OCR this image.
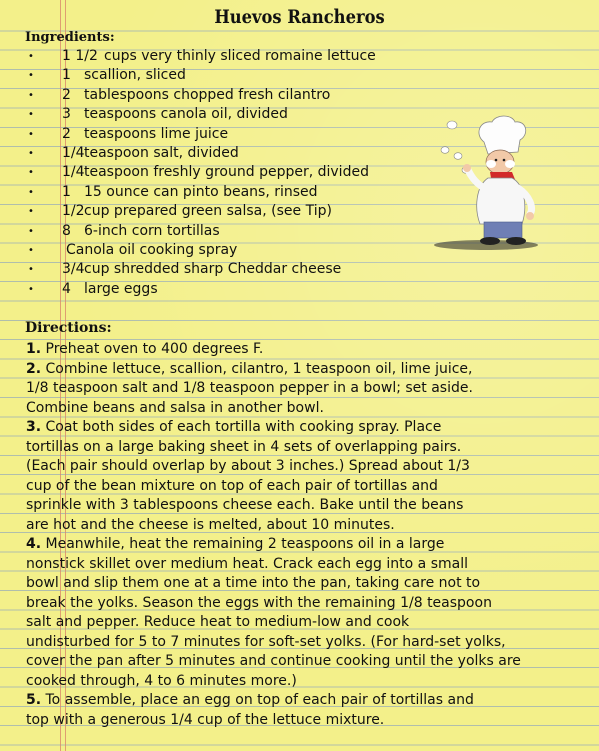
Huevos Rancheros
Ingredients:
• 1 1/2 cups very thinly sliced romaine lettuce
• 1 scallion, sliced
• 2 tablespoons chopped fresh cilantro
• 3 teaspoons canola oil, divided
• 2 teaspoons lime juice
• 1/4 teaspoon salt, divided
• 1/4 teaspoon freshly ground pepper, divided
• 1 15 ounce can pinto beans, rinsed
• 1/2 cup prepared green salsa, (see Tip)
• 8 6-inch corn tortillas
• Canola oil cooking spray
• 3/4 cup shredded sharp Cheddar cheese
• 4 large eggs
Directions:

1. Preheat oven to 400 degrees F.

2. Combine lettuce, scallion, cilantro, 1 teaspoon oil, lime juice,

1/8 teaspoon salt and 1/8 teaspoon pepper in a bowl; set aside.

Combine beans and salsa in another bowl.

3. Coat both sides of each tortilla with cooking spray. Place

tortillas on a large baking sheet in 4 sets of overlapping pairs.

(Each pair should overlap by about 3 inches.) Spread about 1/3

cup of the bean mixture on top of each pair of tortillas and

sprinkle with 3 tablespoons cheese each. Bake until the beans

are hot and the cheese is melted, about 10 minutes.

4. Meanwhile, heat the remaining 2 teaspoons oil in a large

nonstick skillet over medium heat. Crack each egg into a small

bowl and slip them one at a time into the pan, taking care not to

break the yolks. Season the eggs with the remaining 1/8 teaspoon

salt and pepper. Reduce heat to medium-low and cook

undisturbed for 5 to 7 minutes for soft-set yolks. (For hard-set yolks,

cover the pan after 5 minutes and continue cooking until the yolks are

cooked through, 4 to 6 minutes more.)

5. To assemble, place an egg on top of each pair of tortillas and

top with a generous 1/4 cup of the lettuce mixture.
